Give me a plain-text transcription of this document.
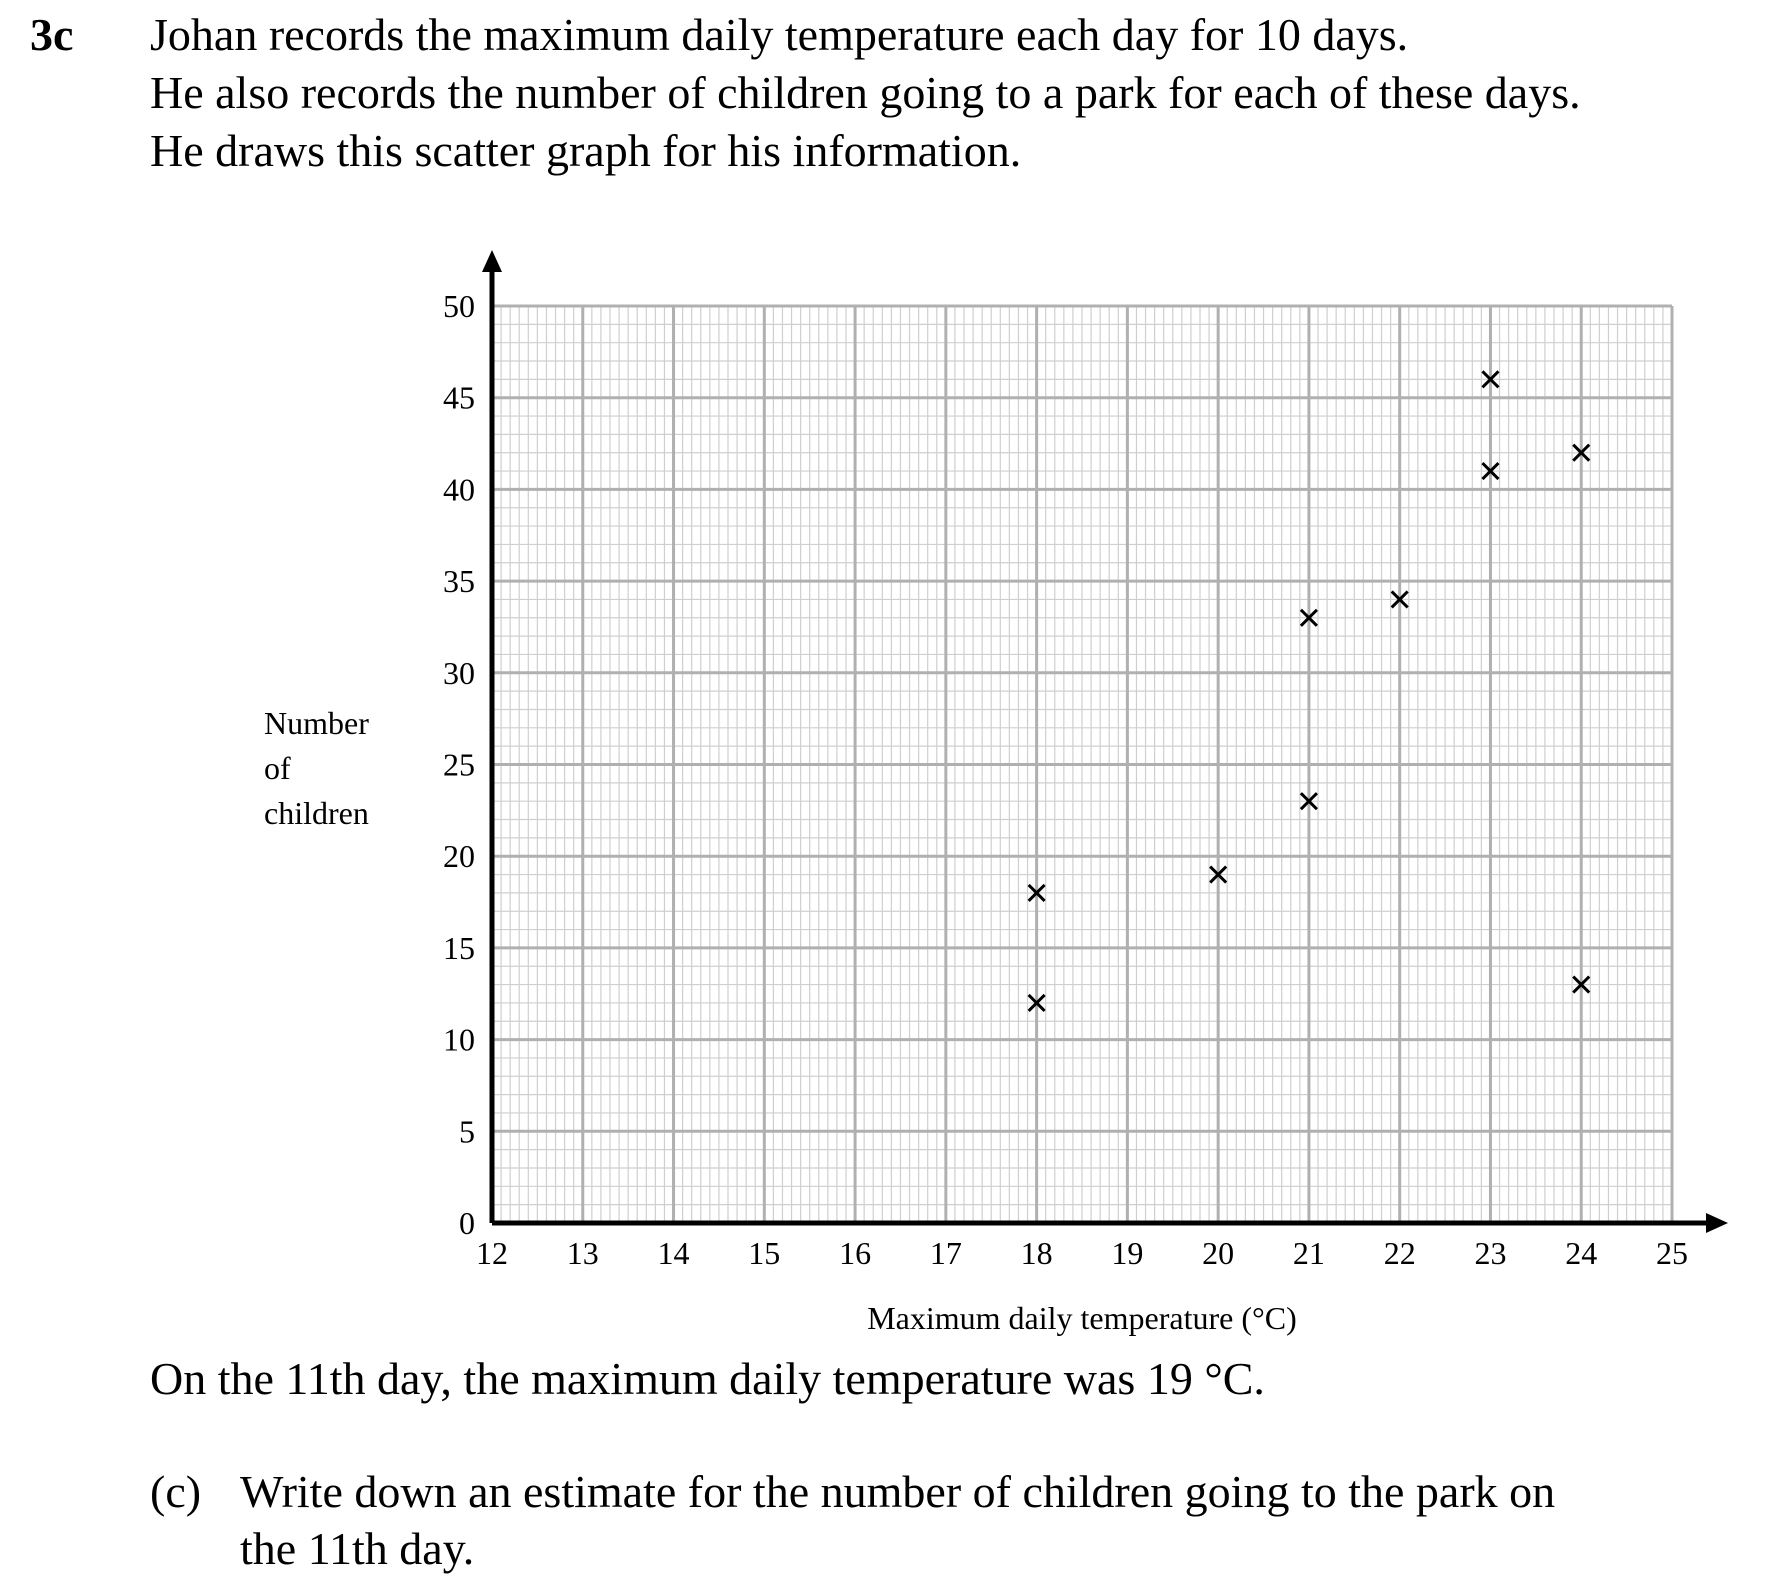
3c Johan records the maximum daily temperature each day for 10 days.
He also records the number of children going to a park for each of these days.
He draws this scatter graph for his information.
0
5
10
15
20
25
30
35
40
45
50
12 13 14 15 16 17 18 19 20 21 22 23 24 25
Number
of
children
Maximum daily temperature (°C)
On the 11th day, the maximum daily temperature was 19 °C.
(c) Write down an estimate for the number of children going to the park on
the 11th day.
